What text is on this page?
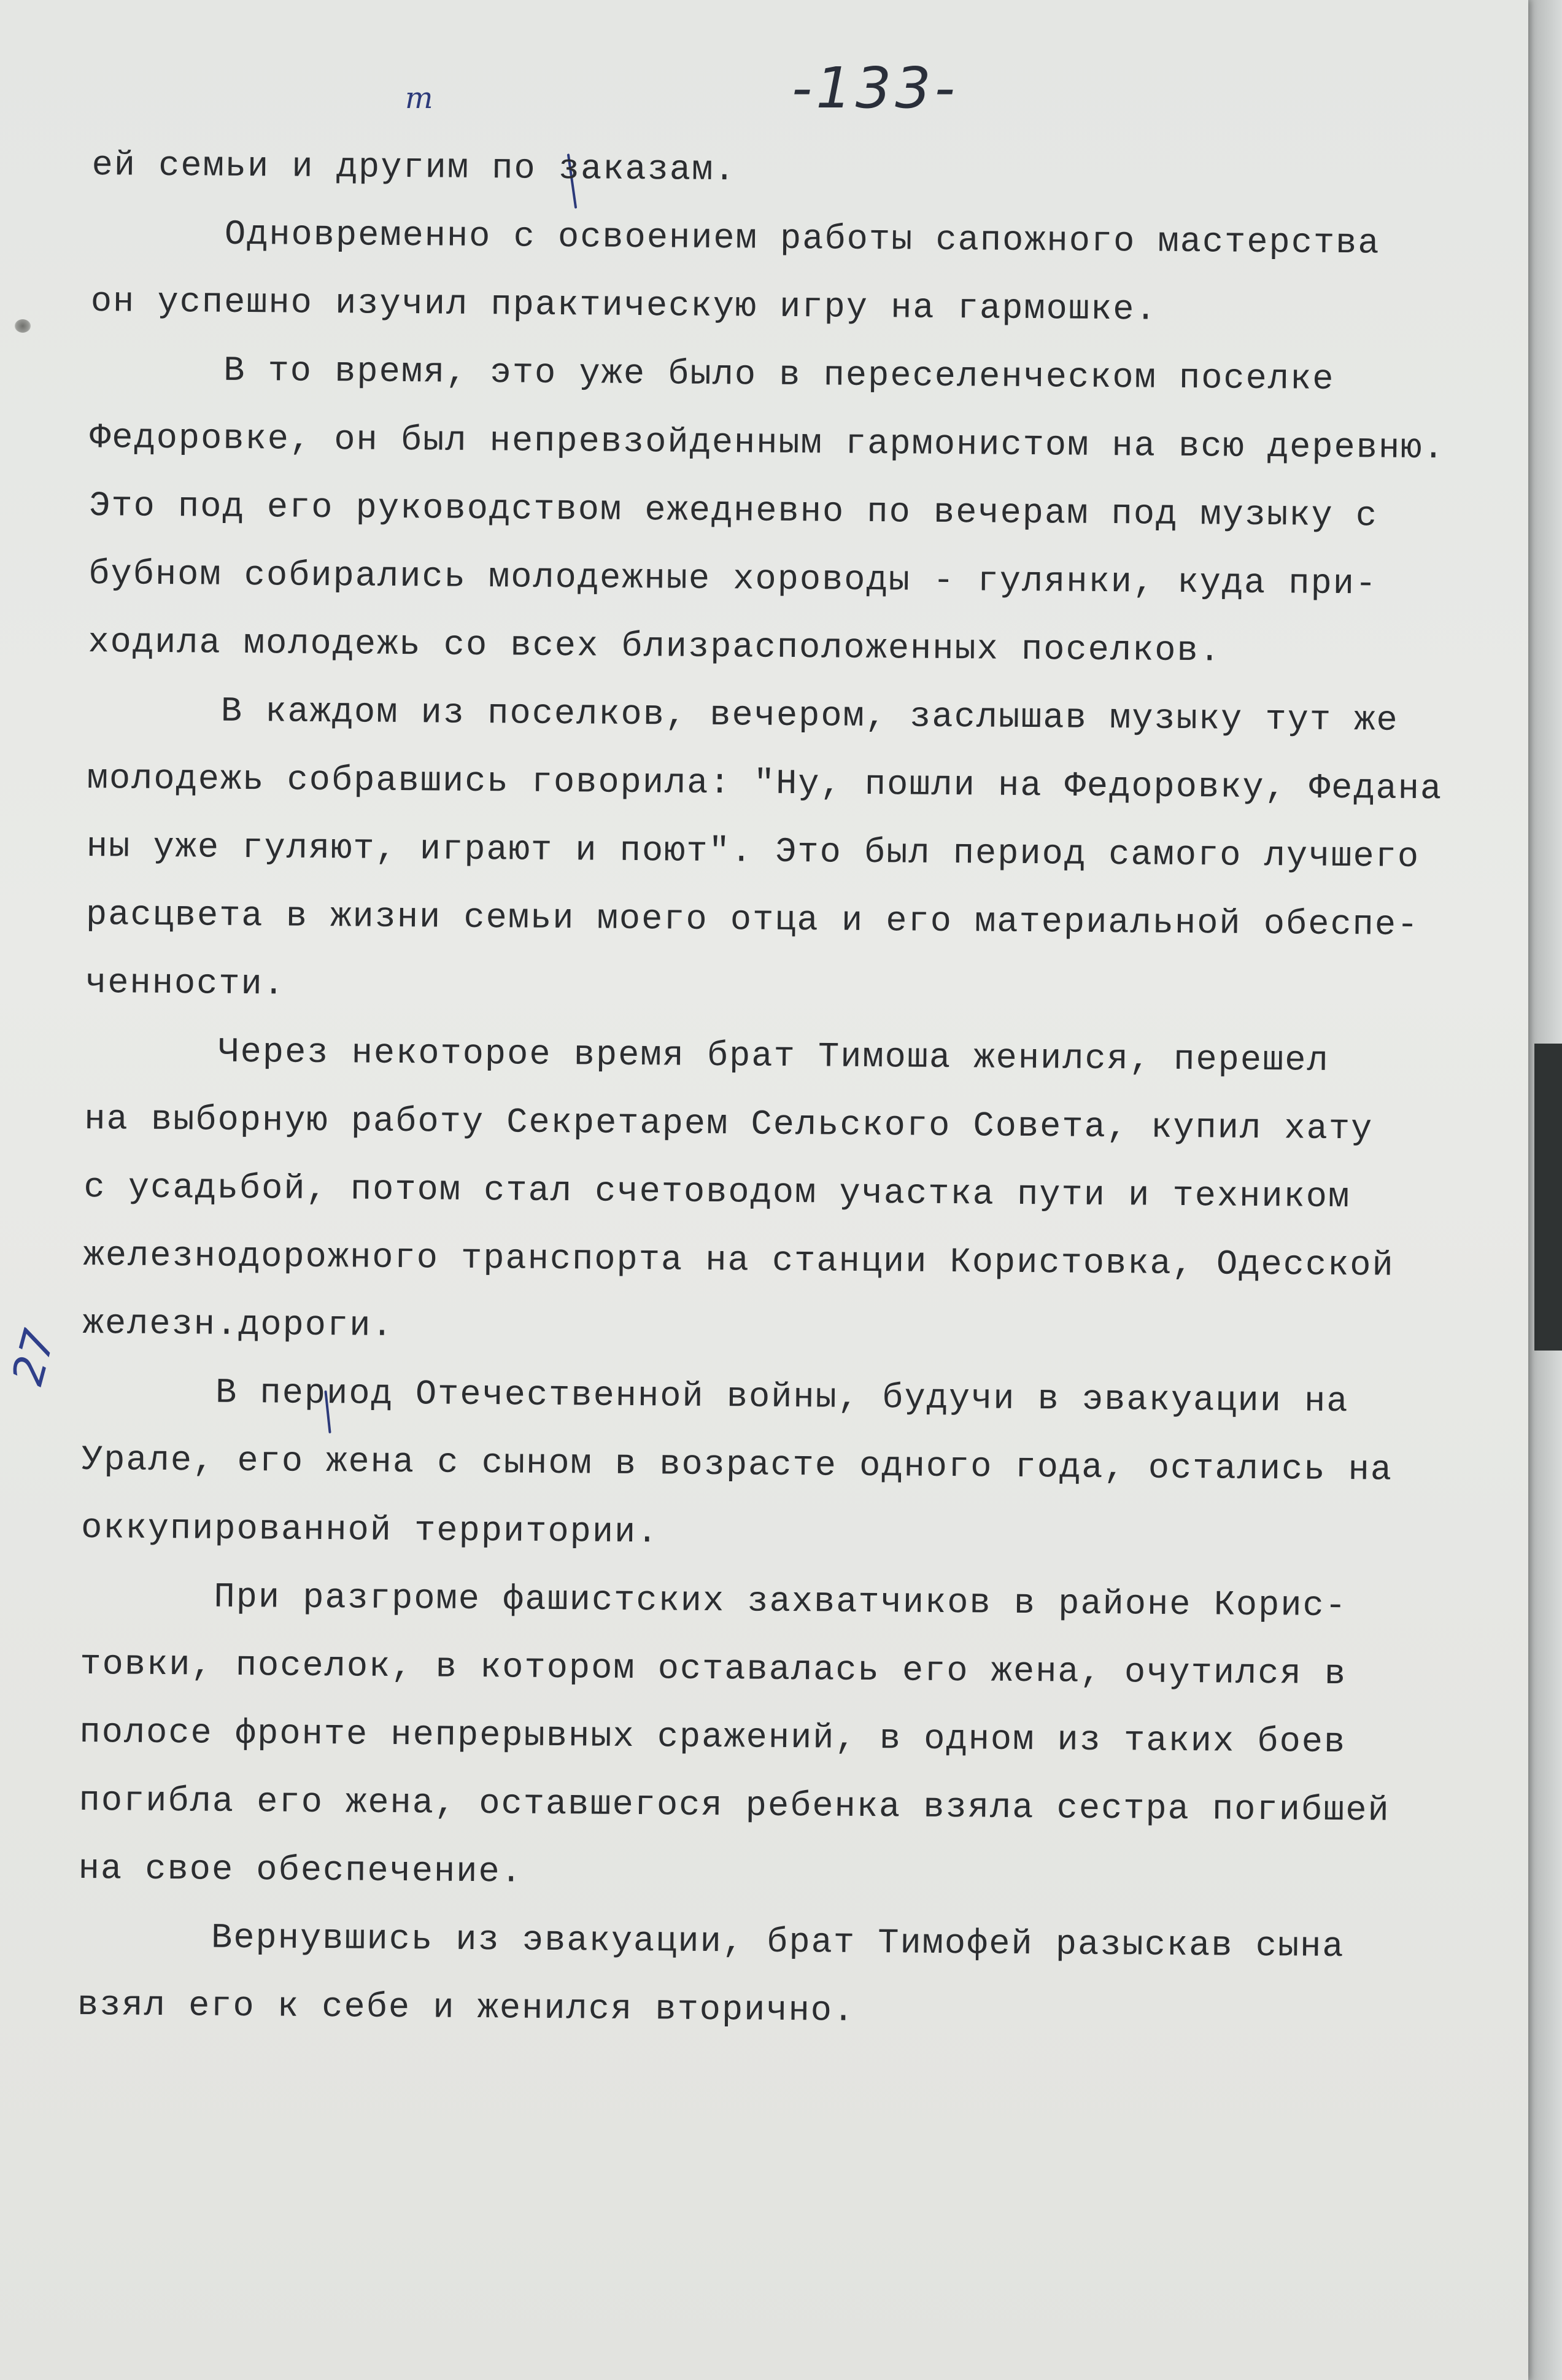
-133-
m
27
ей семьи и другим по заказам.
Одновременно с освоением работы сапожного мастерства
он успешно изучил практическую игру на гармошке.
В то время, это уже было в переселенческом поселке
Федоровке, он был непревзойденным гармонистом на всю деревню.
Это под его руководством ежедневно по вечерам под музыку с
бубном собирались молодежные хороводы - гулянки, куда при-
ходила молодежь со всех близрасположенных поселков.
В каждом из поселков, вечером, заслышав музыку тут же
молодежь собравшись говорила: "Ну, пошли на Федоровку, Федана
ны уже гуляют, играют и поют". Это был период самого лучшего
расцвета в жизни семьи моего отца и его материальной обеспе-
ченности.
Через некоторое время брат Тимоша женился, перешел
на выборную работу Секретарем Сельского Совета, купил хату
с усадьбой, потом стал счетоводом участка пути и техником
железнодорожного транспорта на станции Користовка, Одесской
железн.дороги.
В период Отечественной войны, будучи в эвакуации на
Урале, его жена с сыном в возрасте одного года, остались на
оккупированной территории.
При разгроме фашистских захватчиков в районе Корис-
товки, поселок, в котором оставалась его жена, очутился в
полосе фронте непрерывных сражений, в одном из таких боев
погибла его жена, оставшегося ребенка взяла сестра погибшей
на свое обеспечение.
Вернувшись из эвакуации, брат Тимофей разыскав сына
взял его к себе и женился вторично.
